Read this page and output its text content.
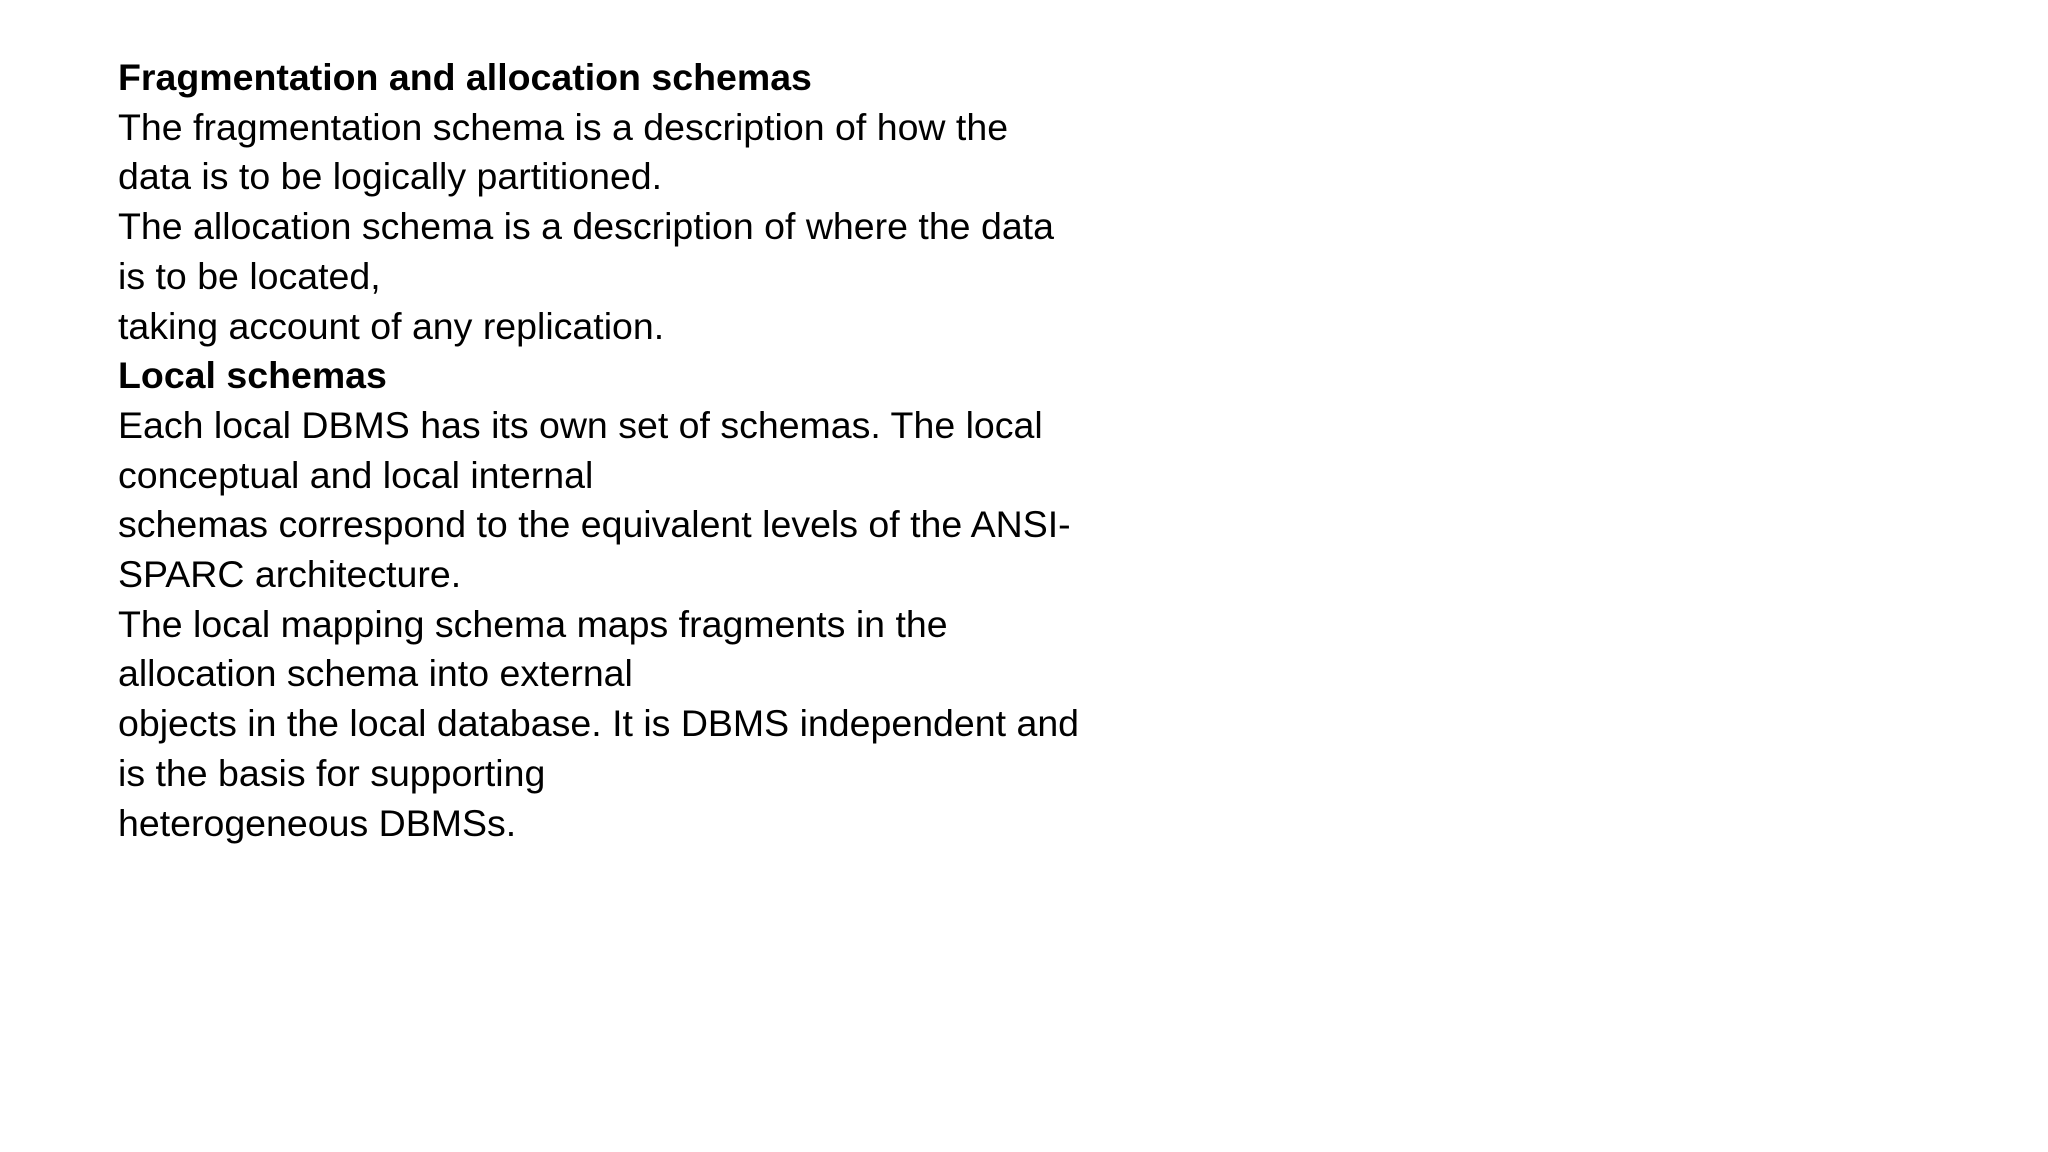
Fragmentation and allocation schemas
The fragmentation schema is a description of how the
data is to be logically partitioned.
The allocation schema is a description of where the data
is to be located,
taking account of any replication.
Local schemas
Each local DBMS has its own set of schemas. The local
conceptual and local internal
schemas correspond to the equivalent levels of the ANSI-
SPARC architecture.
The local mapping schema maps fragments in the
allocation schema into external
objects in the local database. It is DBMS independent and
is the basis for supporting
heterogeneous DBMSs.
